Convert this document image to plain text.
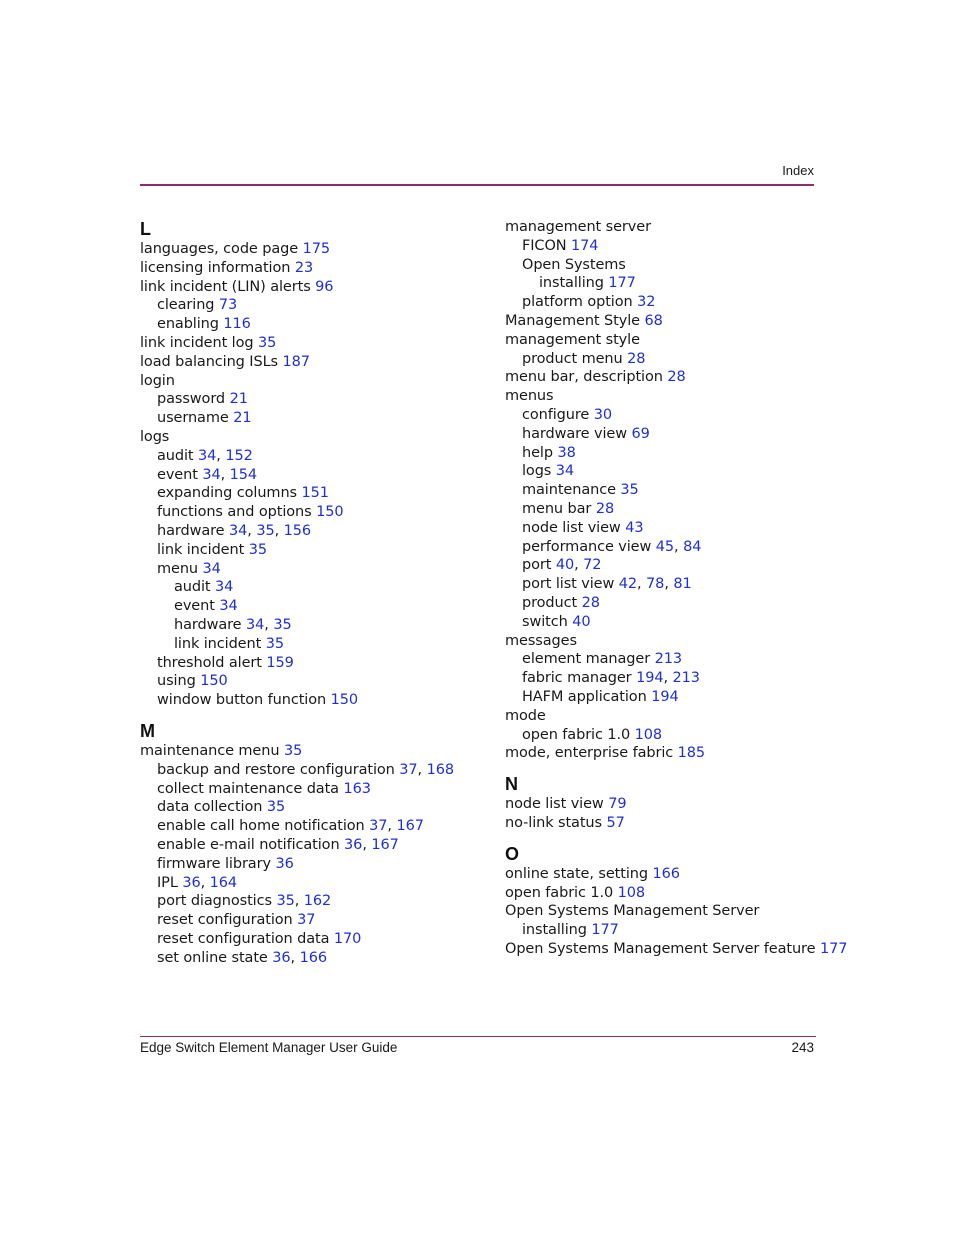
Index
L
languages, code page 175
licensing information 23
link incident (LIN) alerts 96
clearing 73
enabling 116
link incident log 35
load balancing ISLs 187
login
password 21
username 21
logs
audit 34, 152
event 34, 154
expanding columns 151
functions and options 150
hardware 34, 35, 156
link incident 35
menu 34
audit 34
event 34
hardware 34, 35
link incident 35
threshold alert 159
using 150
window button function 150
M
maintenance menu 35
backup and restore configuration 37, 168
collect maintenance data 163
data collection 35
enable call home notification 37, 167
enable e-mail notification 36, 167
firmware library 36
IPL 36, 164
port diagnostics 35, 162
reset configuration 37
reset configuration data 170
set online state 36, 166
management server
FICON 174
Open Systems
installing 177
platform option 32
Management Style 68
management style
product menu 28
menu bar, description 28
menus
configure 30
hardware view 69
help 38
logs 34
maintenance 35
menu bar 28
node list view 43
performance view 45, 84
port 40, 72
port list view 42, 78, 81
product 28
switch 40
messages
element manager 213
fabric manager 194, 213
HAFM application 194
mode
open fabric 1.0 108
mode, enterprise fabric 185
N
node list view 79
no-link status 57
O
online state, setting 166
open fabric 1.0 108
Open Systems Management Server
installing 177
Open Systems Management Server feature 177
Edge Switch Element Manager User Guide	243
